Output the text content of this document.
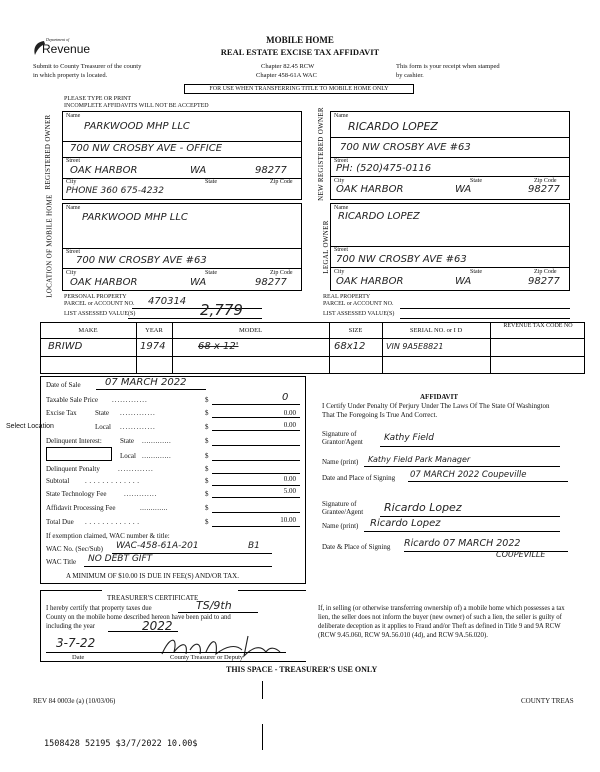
Department of
Revenue
MOBILE HOME
REAL ESTATE EXCISE TAX AFFIDAVIT
Submit to County Treasurer of the county
in which property is located.
Chapter 82.45 RCW
Chapter 458-61A WAC
This form is your receipt when stamped
by cashier.
FOR USE WHEN TRANSFERRING TITLE TO MOBILE HOME ONLY
PLEASE TYPE OR PRINT
INCOMPLETE AFFIDAVITS WILL NOT BE ACCEPTED
REGISTERED OWNER Name
PARKWOOD MHP LLC
700 NW CROSBY AVE - OFFICE
Street
OAK HARBOR	WA	98277
City	State	Zip Code
PHONE 360 675-4232	NEW REGISTERED OWNER Name
RICARDO LOPEZ
700 NW CROSBY AVE #63
Street
PH: (520)475-0116
City	State	Zip Code
OAK HARBOR	WA	98277
LOCATION OF MOBILE HOME Name
PARKWOOD MHP LLC
Street
700 NW CROSBY AVE #63
City	State	Zip Code
OAK HARBOR	WA	98277
LEGAL OWNER
Name
RICARDO LOPEZ
Street
700 NW CROSBY AVE #63
City	State	Zip Code
OAK HARBOR	WA	98277
PERSONAL PROPERTY
PARCEL or ACCOUNT NO. 470314
LIST ASSESSED VALUE(S)	2,779
REAL PROPERTY
PARCEL or ACCOUNT NO.
LIST ASSESSED VALUE(S)
MAKE	YEAR	MODEL	SIZE	SERIAL NO. or I D
REVENUE TAX CODE NO
BRIWD	1974	68 x 12'	68x12	VIN 9A5E8821
Date of Sale 07 MARCH 2022
Taxable Sale Price .............	$	0
Excise Tax	State .............	$	0.00
Select Location	Local .............	$	0.00
Delinquent Interest:	State .............	$
Local .............	$
Delinquent Penalty	.............	$
Subtotal .............	$	0.00
State Technology Fee	.............	$	5.00
Affidavit Processing Fee	.............	$
Total Due .............	$	10.00
If exemption claimed, WAC number & title:
WAC No. (Sec/Sub) WAC-458-61A-201	B1
WAC Title NO DEBT GIFT
A MINIMUM OF $10.00 IS DUE IN FEE(S) AND/OR TAX.
AFFIDAVIT
I Certify Under Penalty Of Perjury Under The Laws Of The State Of Washington That The Foregoing Is True And Correct.
Signature of Grantor/Agent	Kathy Field
Name (print) Kathy Field Park Manager
Date and Place of Signing 07 MARCH 2022 Coupeville
Signature of Grantee/Agent	Ricardo Lopez
Name (print) Ricardo Lopez
Date & Place of Signing Ricardo 07 MARCH 2022
COUPEVILLE
TREASURER'S CERTIFICATE
I hereby certify that property taxes due	TS/9th
County on the mobile home described hereon have been paid to and
including the year	2022
3-7-22
Date	County Treasurer or Deputy
THIS SPACE - TREASURER'S USE ONLY
If, in selling (or otherwise transferring ownership of) a mobile home which possesses a tax lien, the seller does not inform the buyer (new owner) of such a lien, the seller is guilty of deliberate deception as it applies to Fraud and/or Theft as defined in Title 9 and 9A RCW (RCW 9.45.060, RCW 9A.56.010 (4d), and RCW 9A.56.020).
REV 84 0003e (a) (10/03/06)	COUNTY TREAS
1508428 52195 $3/7/2022 10.00$
